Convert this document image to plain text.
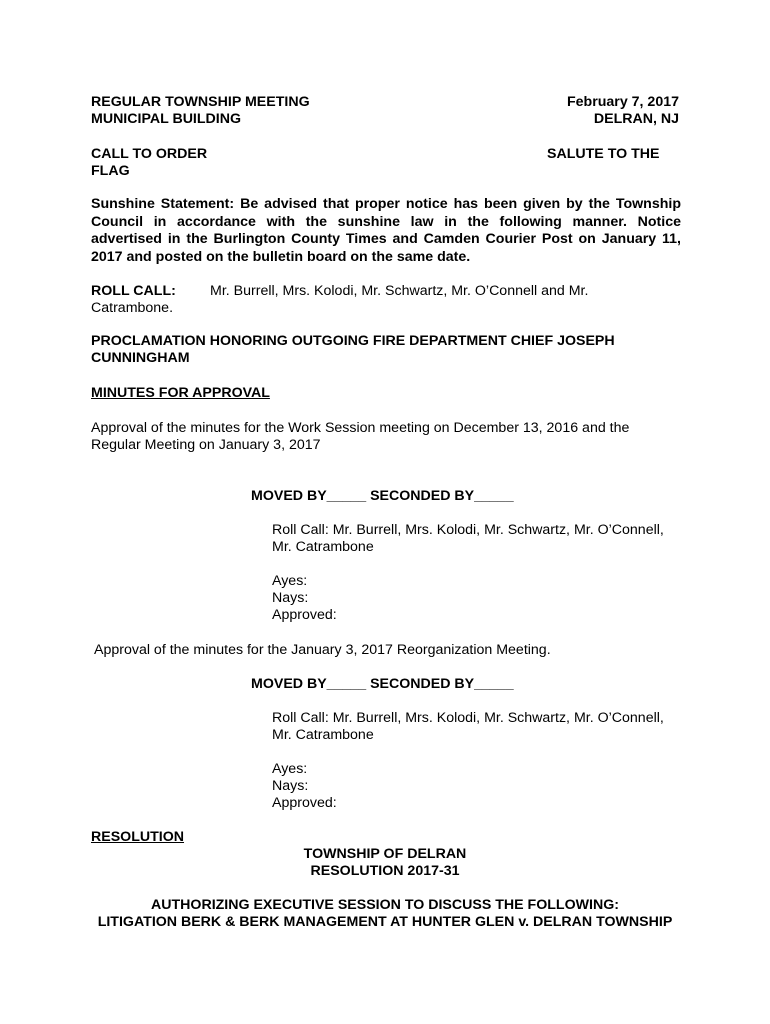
REGULAR TOWNSHIP MEETING
MUNICIPAL BUILDING
February 7, 2017
DELRAN, NJ
CALL TO ORDER	SALUTE TO THE
FLAG
Sunshine Statement: Be advised that proper notice has been given by the Township
Council in accordance with the sunshine law in the following manner. Notice
advertised in the Burlington County Times and Camden Courier Post on January 11,
2017 and posted on the bulletin board on the same date.
ROLL CALL: Mr. Burrell, Mrs. Kolodi, Mr. Schwartz, Mr. O’Connell and Mr.
Catrambone.
PROCLAMATION HONORING OUTGOING FIRE DEPARTMENT CHIEF JOSEPH
CUNNINGHAM
MINUTES FOR APPROVAL
Approval of the minutes for the Work Session meeting on December 13, 2016 and the
Regular Meeting on January 3, 2017
MOVED BY_____ SECONDED BY_____
Roll Call: Mr. Burrell, Mrs. Kolodi, Mr. Schwartz, Mr. O’Connell,
Mr. Catrambone
Ayes:
Nays:
Approved:
Approval of the minutes for the January 3, 2017 Reorganization Meeting.
MOVED BY_____ SECONDED BY_____
Roll Call: Mr. Burrell, Mrs. Kolodi, Mr. Schwartz, Mr. O’Connell,
Mr. Catrambone
Ayes:
Nays:
Approved:
RESOLUTION
TOWNSHIP OF DELRAN
RESOLUTION 2017-31
AUTHORIZING EXECUTIVE SESSION TO DISCUSS THE FOLLOWING:
LITIGATION BERK & BERK MANAGEMENT AT HUNTER GLEN v. DELRAN TOWNSHIP
